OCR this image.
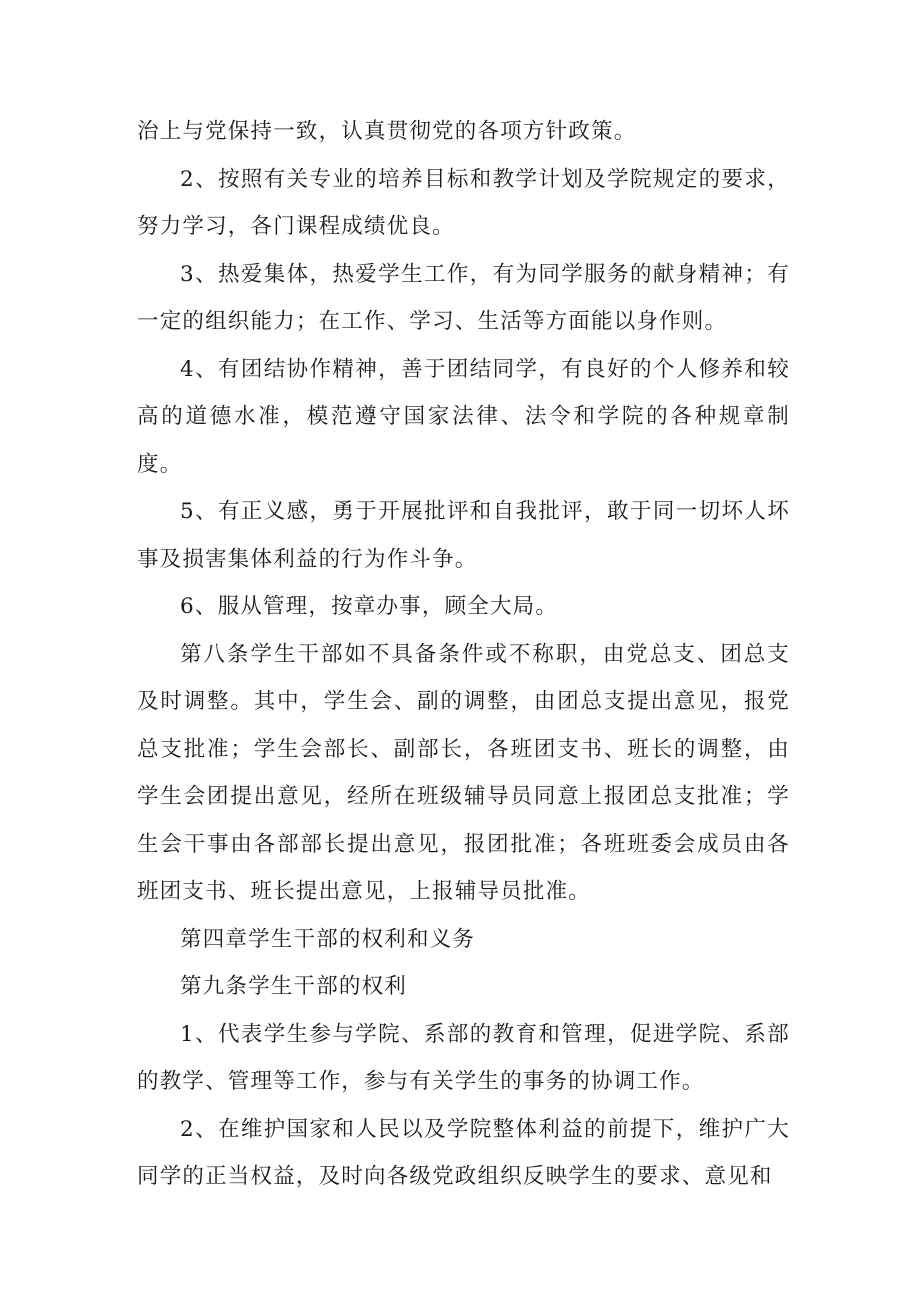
治上与党保持一致，认真贯彻党的各项方针政策。

2、按照有关专业的培养目标和教学计划及学院规定的要求，努力学习，各门课程成绩优良。

3、热爱集体，热爱学生工作，有为同学服务的献身精神；有一定的组织能力；在工作、学习、生活等方面能以身作则。

4、有团结协作精神，善于团结同学，有良好的个人修养和较高的道德水准，模范遵守国家法律、法令和学院的各种规章制度。

5、有正义感，勇于开展批评和自我批评，敢于同一切坏人坏事及损害集体利益的行为作斗争。

6、服从管理，按章办事，顾全大局。

第八条学生干部如不具备条件或不称职，由党总支、团总支及时调整。其中，学生会、副的调整，由团总支提出意见，报党总支批准；学生会部长、副部长，各班团支书、班长的调整，由学生会团提出意见，经所在班级辅导员同意上报团总支批准；学生会干事由各部部长提出意见，报团批准；各班班委会成员由各班团支书、班长提出意见，上报辅导员批准。

第四章学生干部的权利和义务

第九条学生干部的权利

1、代表学生参与学院、系部的教育和管理，促进学院、系部的教学、管理等工作，参与有关学生的事务的协调工作。

2、在维护国家和人民以及学院整体利益的前提下，维护广大同学的正当权益，及时向各级党政组织反映学生的要求、意见和
